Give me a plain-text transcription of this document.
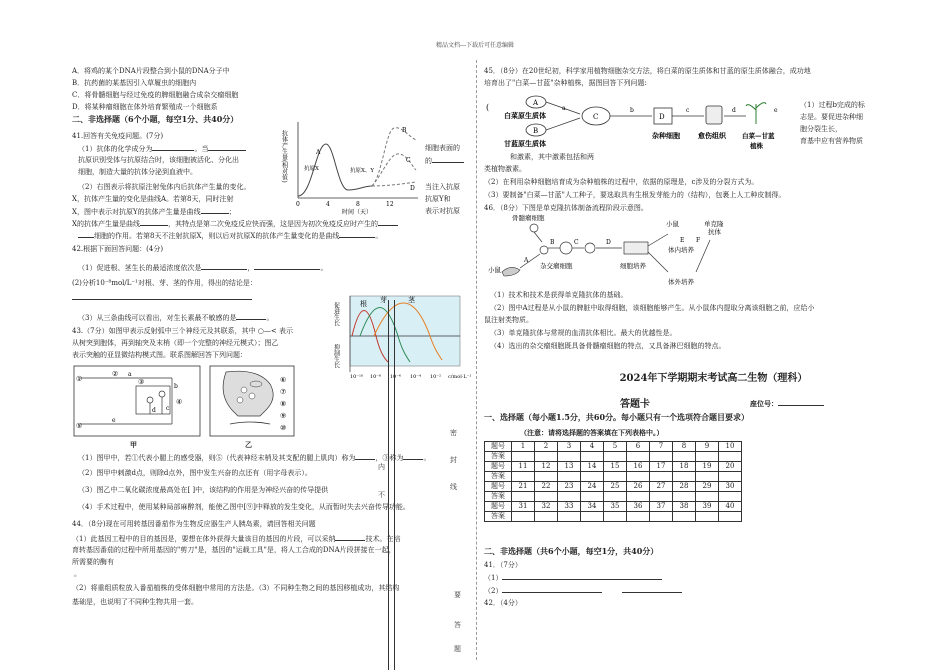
精品文档---下载后可任意编辑
A．将鸡的某个DNA片段整合到小鼠的DNA分子中
B．抗药菌的某基因引入草履虫的细胞内
C．将骨髓细胞与经过免疫的脾细胞融合成杂交瘤细胞
D．将某种瘤细胞在体外培育繁殖成一个细胞系
二、非选择题（6个小题，每空1分、共40分）
41.回答有关免疫问题。(7分)
（1）抗体的化学成分为	。当	细胞表面的
抗原识别受体与抗原结合时，该细胞被活化、分化出	的
细胞，制造大量的抗体分泌到血液中。
（2）右图表示将抗原注射兔体内后抗体产生量的变化。	当注入抗原
X，抗体产生量的变化是曲线A。若第8天，同时注射	抗原Y和
X，图中表示对抗原Y的抗体产生量是曲线	；	表示对抗原
X的抗体产生量是曲线	，其特点是第二次免疫反应快而强，这是因为初次免疫反应时产生的
细胞的作用。若第8天不注射抗原X，则以后对抗原X的抗体产生量变化的是曲线	。
42.根据下面回答问题：(4分)
（1）促进根、茎生长的最适浓度依次是	，	。
(2)分析10⁻⁸mol/L⁻¹对根、芽、茎的作用，得出的结论是：
（3）从三条曲线可以看出，对生长素最不敏感的是	。
43.（7分）如图甲表示反射弧中三个神经元及其联系，其中 ○—< 表示
从树突到胞体，再到轴突及末梢（即一个完整的神经元模式）；图乙
表示突触的亚显微结构模式图。联系图解回答下列问题：
①
②
③
④
⑤
a
b
c
d
e
⑥
⑦
⑧
⑨
⑩
甲	乙
（1）图甲中，若①代表小腿上的感受器，则⑤（代表神经末梢及其支配的腿上肌肉）称为	，③称为	。
（2）图甲中刺激d点，则除d点外，图中发生兴奋的点还有（用字母表示）。
（3）图乙中二氧化碳浓度最高处在[ ]中，该结构的作用是为神经兴奋的传导提供
（4）手术过程中，使用某种局部麻醉剂，能使乙图中[⑨]中释放的发生变化，从而暂时失去兴奋传导功能。
44．（8分)现在可用转基因番茄作为生物反应器生产人胰岛素，请回答相关问题
（1）此基因工程中的目的基因是，要想在体外获得大量该目的基因的片段，可以采纳	技术。在培
育转基因番茄的过程中所用基因的"剪刀"是，基因的"运载工具"是，将人工合成的DNA片段拼接在一起，
所需要的酶有
。
（2）将重组质粒放入番茄植株的受体细胞中常用的方法是。（3）不同种生物之间的基因移植成功，其结构
基础是，也说明了不同种生物共用一套。
抗体产生量(相对值)	A
B
C
D
抗原X	抗原X、Y
0	4	8	12
时间（天）
促进生长
抑制生长
根 芽	茎
10⁻¹⁰ 10⁻⁸ 10⁻⁶ 10⁻⁴ 10⁻² c/mol·L⁻¹
密
封
线
内
不
要
答
题
45．（8分）在20世纪初，科学家用植物细胞杂交方法，将白菜的原生质体和甘蓝的原生质体融合，成功地
培育出了"白菜—甘蓝"杂种植株，据图回答下列问题:
(	A
白菜原生质体
B
甘蓝原生质体
a
C
b
D
杂种细胞
c
愈伤组织
d
白菜—甘蓝
植株
e
（1）过程b完成的标
志是。要促进杂种细
胞分裂生长，
育基中应有营养物质
和激素，其中激素包括和两
类植物激素。
（2）在利用杂种细胞培育成为杂种植株的过程中，依据的原理是，c涉及的分裂方式为。
（3）要制备"白菜—甘蓝"人工种子，要选取具有生根发芽能力的（结构），包裹上人工种皮制得。
46．（8分）下图是单克隆抗体制备流程阶段示意图。
骨髓瘤细胞
小鼠
A
B	C
杂交瘤细胞
D
细胞培养
小鼠
E F
体内培养
单克隆
抗体
体外培养
（1）技术和技术是获得单克隆抗体的基础。
（2）图中A过程是从小鼠的脾脏中取得细胞，该细胞能够产生。从小鼠体内提取分离该细胞之前，应给小
鼠注射类物质。
（3）单克隆抗体与常规的血清抗体相比。最大的优越性是。
（4）选出的杂交瘤细胞既具备骨髓瘤细胞的特点，又具备淋巴细胞的特点。
2024年下学期期末考试高二生物（理科）
答题卡	座位号：
一、选择题（每小题1.5分，共60分。每小题只有一个选项符合题目要求）
（注意：请将选择题的答案填在下列表格中。）
题号	1	2	3	4	5	6	7	8	9	10
答案										
题号	11	12	13	14	15	16	17	18	19	20
答案										
题号	21	22	23	24	25	26	27	28	29	30
答案										
题号	31	32	33	34	35	36	37	38	39	40
答案										
二、非选择题（共6个小题，每空1分，共40分）
41．（7分）
（1）
（2）
42．（4分）
